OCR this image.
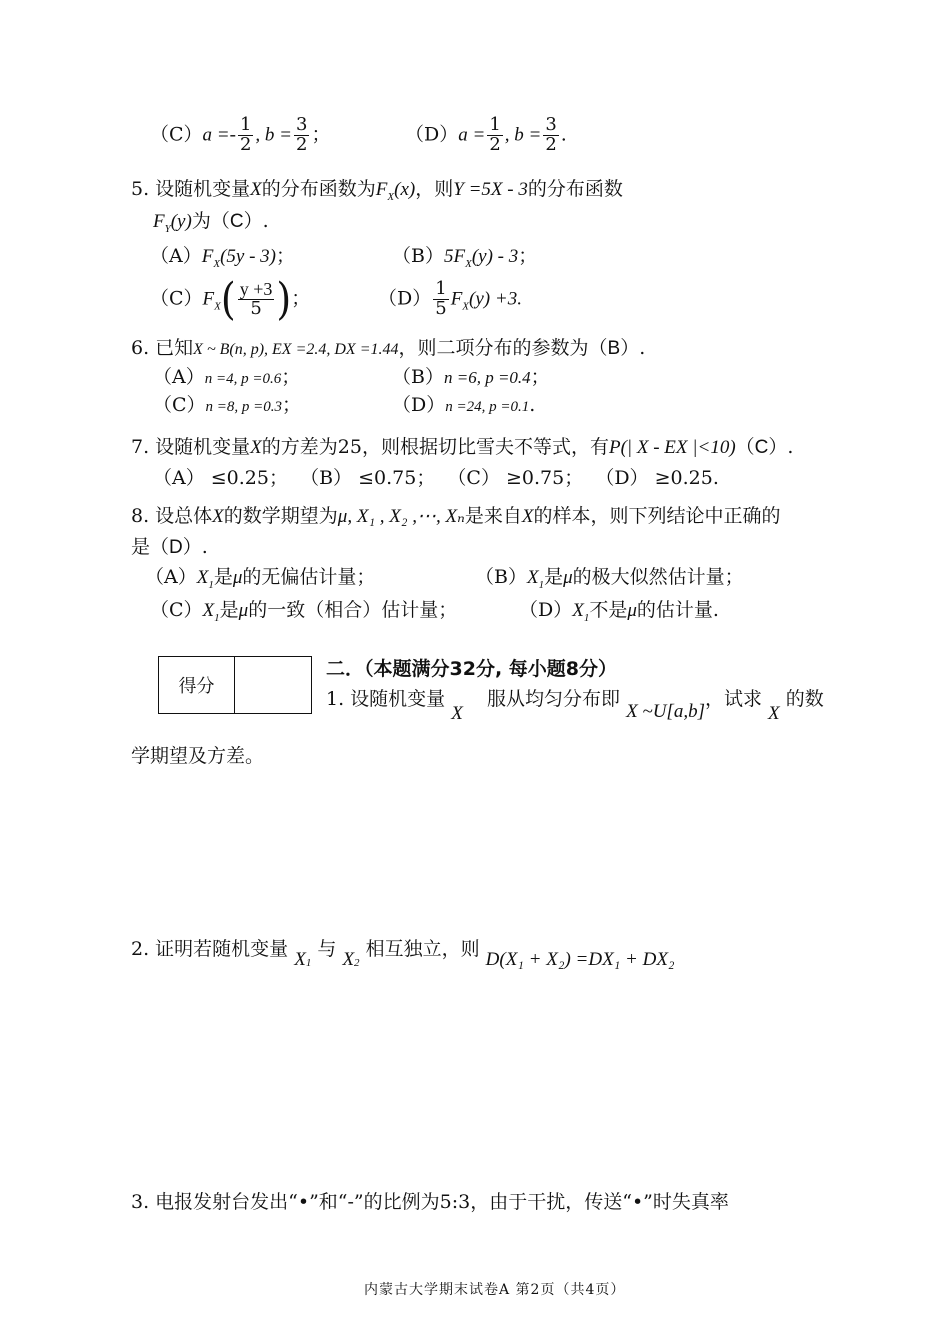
$(C)a =- \frac{1}{2}$ , $b = \frac{3}{2}$ ；	$(D)a = \frac{1}{2}$ , $b = \frac{3}{2}$ .
5. 设随机变量X的分布函数为$F_X(x)$，则Y =5X - 3的分布函数
$F_Y(y)$为（C）.
$(A)F_X(5y - 3)$；	$(B)5F_X(y) - 3$；
$(C)F_X( \frac{y +3}{5}$ )；	$(D) \frac{1}{5} F_X(y) +3$.
6. 已知X ~ B(n, p), EX =2.4, DX =1.44，则二项分布的参数为（B）.
（A）n =4, p =0.6；	（B）n =6, p =0.4；
（C）n =8, p =0.3；	（D）n =24, p =0.1.
7. 设随机变量X的方差为25，则根据切比雪夫不等式，有P(| X - EX |<10)（C）.
（A） ≤0.25； （B） ≤0.75； （C） ≥0.75； （D） ≥0.25.
8. 设总体X的数学期望为μ, X₁ , X₂ ,⋯, Xₙ是来自X的样本，则下列结论中正确的
是（D）.
$(A)X_1$是μ的无偏估计量；	$(B)X_1$是μ的极大似然估计量；
$(C)X_1$是μ的一致（相合）估计量；	$(D)X_1$不是μ的估计量.
得分
二．（本题满分32分, 每小题8分）
1. 设随机变量 X    服从均匀分布即 X ~U[a,b]，试求 X 的数
学期望及方差。
2. 证明若随机变量 $X_1$ 与 $X_2$ 相互独立，则 D(X₁ + X₂) =DX₁ + DX₂
3. 电报发射台发出“•”和“‑”的比例为5:3，由于干扰，传送“•”时失真率
内蒙古大学期末试卷A 第2页（共4页）
